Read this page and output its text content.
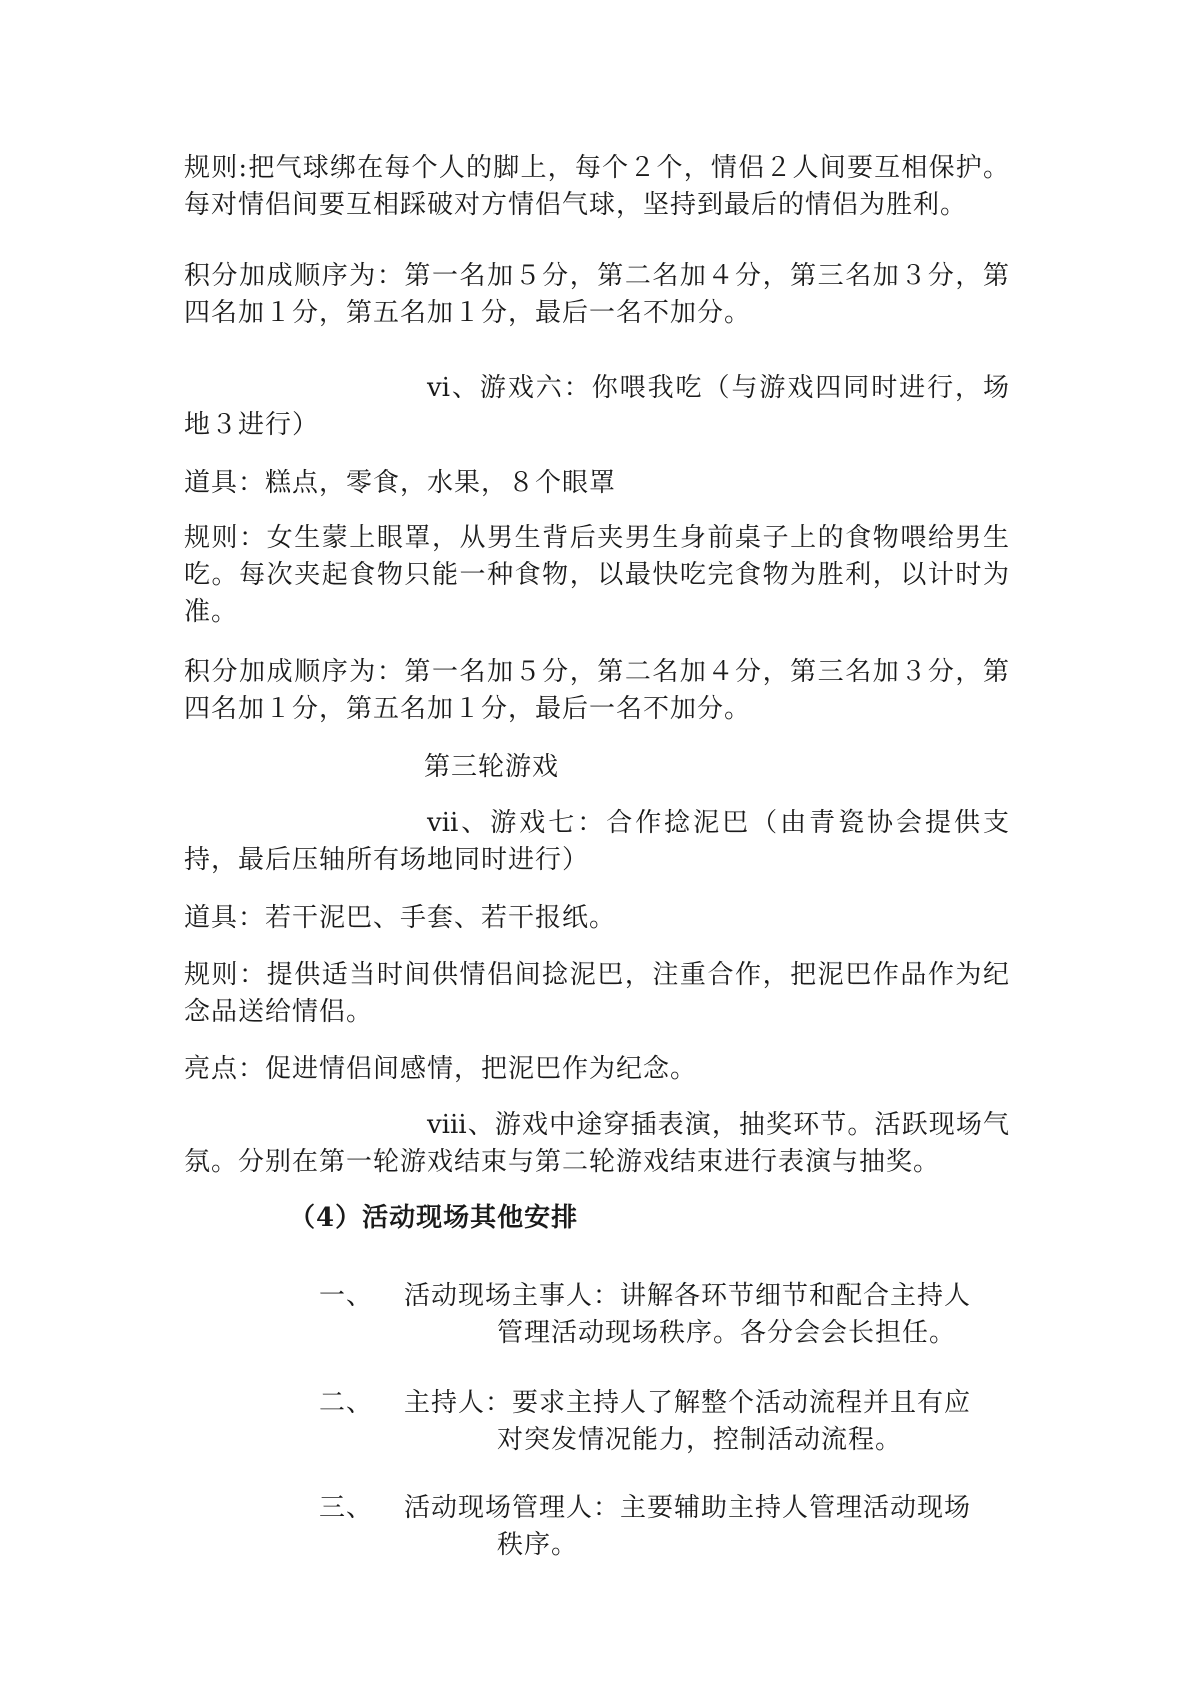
规则:把气球绑在每个人的脚上，每个２个，情侣２人间要互相保护。每对情侣间要互相踩破对方情侣气球，坚持到最后的情侣为胜利。

积分加成顺序为：第一名加５分，第二名加４分，第三名加３分，第四名加１分，第五名加１分，最后一名不加分。

ⅵ、游戏六：你喂我吃（与游戏四同时进行，场地３进行）

道具：糕点，零食，水果，８个眼罩

规则：女生蒙上眼罩，从男生背后夹男生身前桌子上的食物喂给男生吃。每次夹起食物只能一种食物，以最快吃完食物为胜利，以计时为准。

积分加成顺序为：第一名加５分，第二名加４分，第三名加３分，第四名加１分，第五名加１分，最后一名不加分。

第三轮游戏

ⅶ、游戏七：合作捻泥巴（由青瓷协会提供支持，最后压轴所有场地同时进行）

道具：若干泥巴、手套、若干报纸。

规则：提供适当时间供情侣间捻泥巴，注重合作，把泥巴作品作为纪念品送给情侣。

亮点：促进情侣间感情，把泥巴作为纪念。

ⅷ、游戏中途穿插表演，抽奖环节。活跃现场气氛。分别在第一轮游戏结束与第二轮游戏结束进行表演与抽奖。

（4）活动现场其他安排

一、	活动现场主事人：讲解各环节细节和配合主持人
管理活动现场秩序。各分会会长担任。
二、	主持人：要求主持人了解整个活动流程并且有应
对突发情况能力，控制活动流程。
三、	活动现场管理人：主要辅助主持人管理活动现场
秩序。
